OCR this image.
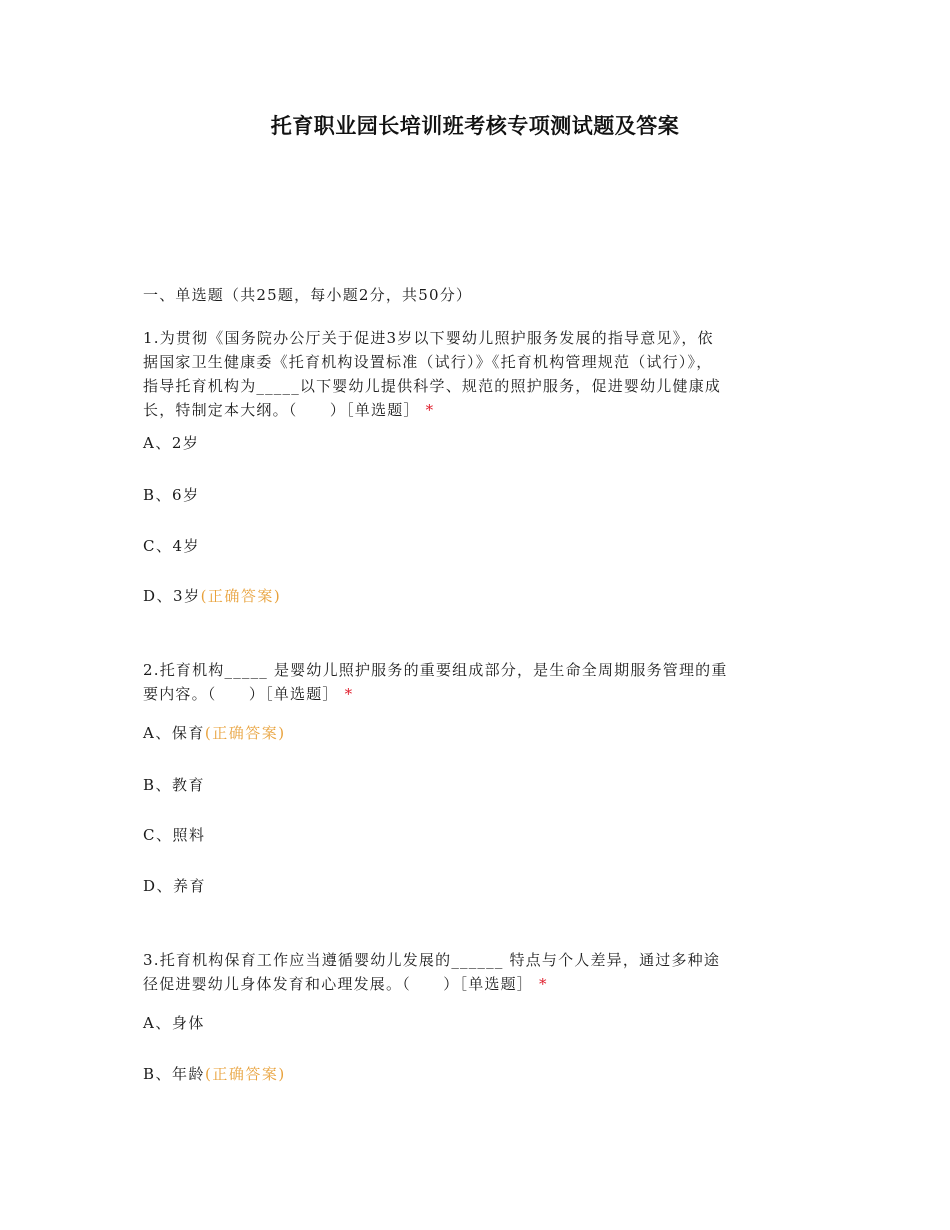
托育职业园长培训班考核专项测试题及答案
一、单选题（共25题，每小题2分，共50分）
1.为贯彻《国务院办公厅关于促进3岁以下婴幼儿照护服务发展的指导意见》，依
据国家卫生健康委《托育机构设置标准（试行）》《托育机构管理规范（试行）》，
指导托育机构为_____以下婴幼儿提供科学、规范的照护服务，促进婴幼儿健康成
长，特制定本大纲。（　　）［单选题］ *
A、2岁
B、6岁
C、4岁
D、3岁(正确答案)
2.托育机构_____ 是婴幼儿照护服务的重要组成部分，是生命全周期服务管理的重
要内容。（　　）［单选题］ *
A、保育(正确答案)
B、教育
C、照料
D、养育
3.托育机构保育工作应当遵循婴幼儿发展的______ 特点与个人差异，通过多种途
径促进婴幼儿身体发育和心理发展。（　　）［单选题］ *
A、身体
B、年龄(正确答案)
